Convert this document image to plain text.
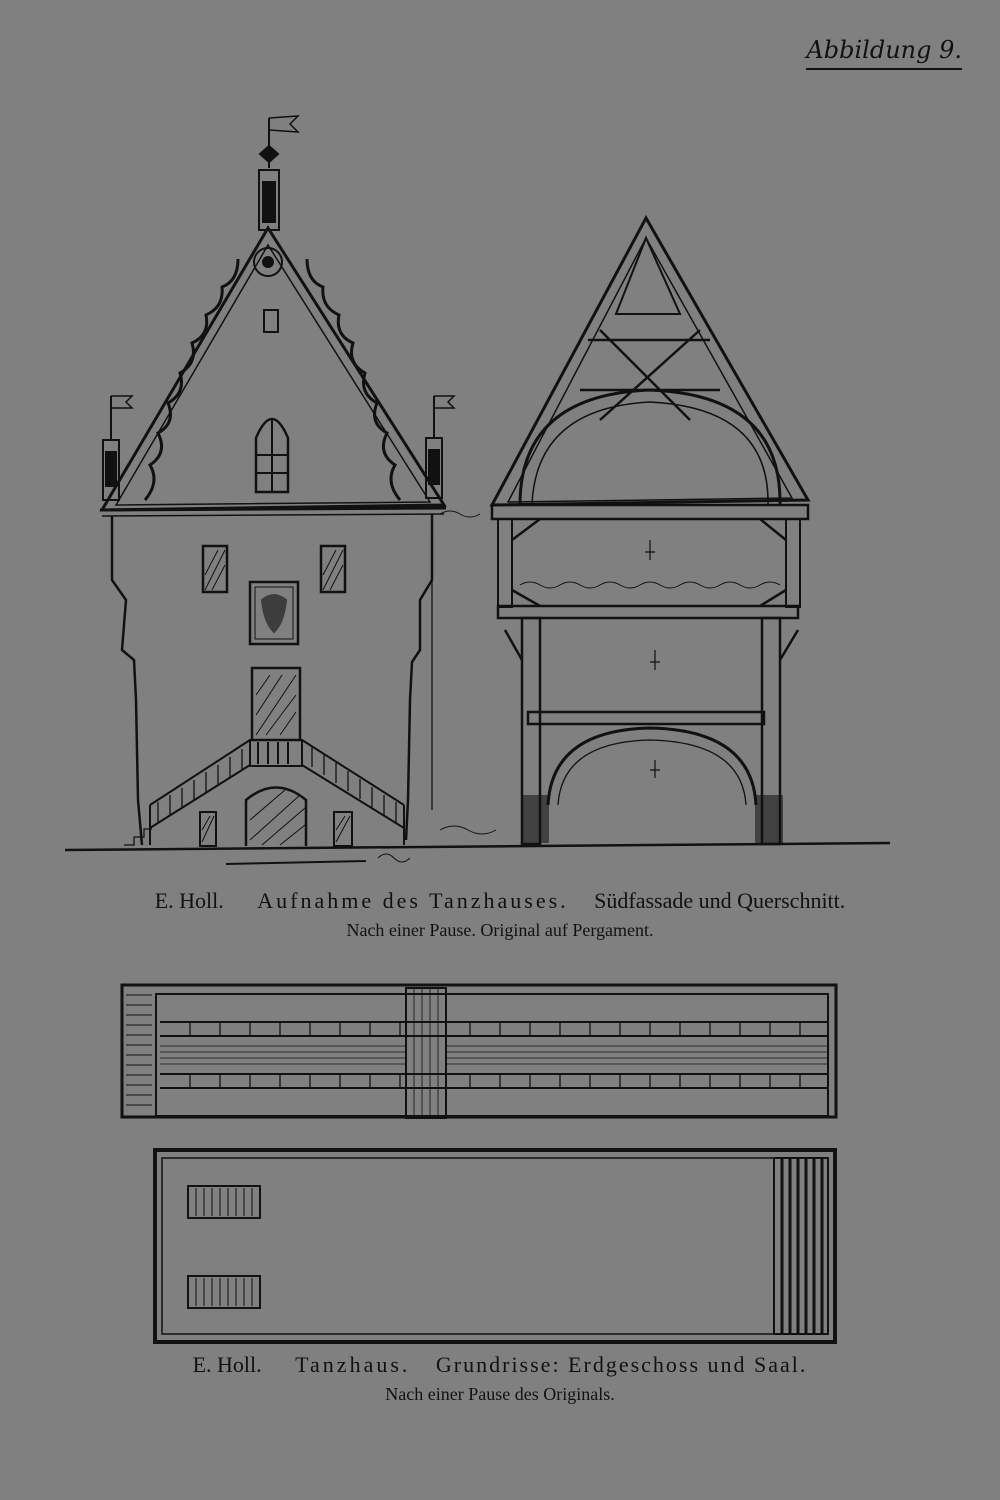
Abbildung 9.
E. Holl. Aufnahme des Tanzhauses. Südfassade und Querschnitt.
Nach einer Pause. Original auf Pergament.
E. Holl. Tanzhaus. Grundrisse: Erdgeschoss und Saal.
Nach einer Pause des Originals.
